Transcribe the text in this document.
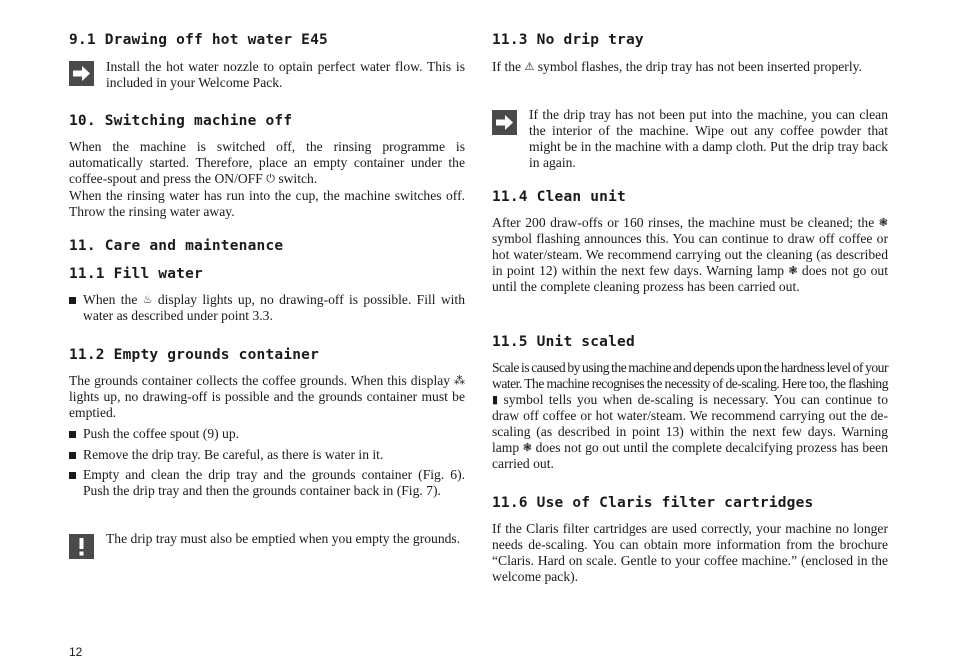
9.1 Drawing off hot water E45

Install the hot water nozzle to optain perfect water flow. This is included in your Welcome Pack.

10. Switching machine off

When the machine is switched off, the rinsing programme is automatically started. Therefore, place an empty container under the coffee-spout and press the ON/OFF ⏻ switch.

When the rinsing water has run into the cup, the machine switches off. Throw the rinsing water away.

11. Care and maintenance
11.1 Fill water

When the ♨ display lights up, no drawing-off is possible. Fill with water as described under point 3.3.

11.2 Empty grounds container

The grounds container collects the coffee grounds. When this display ⁂ lights up, no drawing-off is possible and the grounds container must be emptied.

Push the coffee spout (9) up.

Remove the drip tray. Be careful, as there is water in it.

Empty and clean the drip tray and the grounds container (Fig. 6). Push the drip tray and then the grounds container back in (Fig. 7).

The drip tray must also be emptied when you empty the grounds.

11.3 No drip tray

If the ⚠ symbol flashes, the drip tray has not been inserted properly.

If the drip tray has not been put into the machine, you can clean the interior of the machine. Wipe out any coffee powder that might be in the machine with a damp cloth. Put the drip tray back in again.

11.4 Clean unit

After 200 draw-offs or 160 rinses, the machine must be cleaned; the ❃ symbol flashing announces this. You can continue to draw off coffee or hot water/steam. We recommend carrying out the cleaning (as described in point 12) within the next few days. Warning lamp ❃ does not go out until the complete cleaning prozess has been carried out.

11.5 Unit scaled

Scale is caused by using the machine and depends upon the hardness level of your water. The machine recognises the necessity of de-scaling. Here too, the flashing ▮ symbol tells you when de-scaling is necessary. You can continue to draw off coffee or hot water/steam. We recommend carrying out the de-scaling (as described in point 13) within the next few days. Warning lamp ❃ does not go out until the complete decalcifying prozess has been carried out.

11.6 Use of Claris filter cartridges

If the Claris filter cartridges are used correctly, your machine no longer needs de-scaling. You can obtain more information from the brochure “Claris. Hard on scale. Gentle to your coffee machine.” (enclosed in the welcome pack).

12
